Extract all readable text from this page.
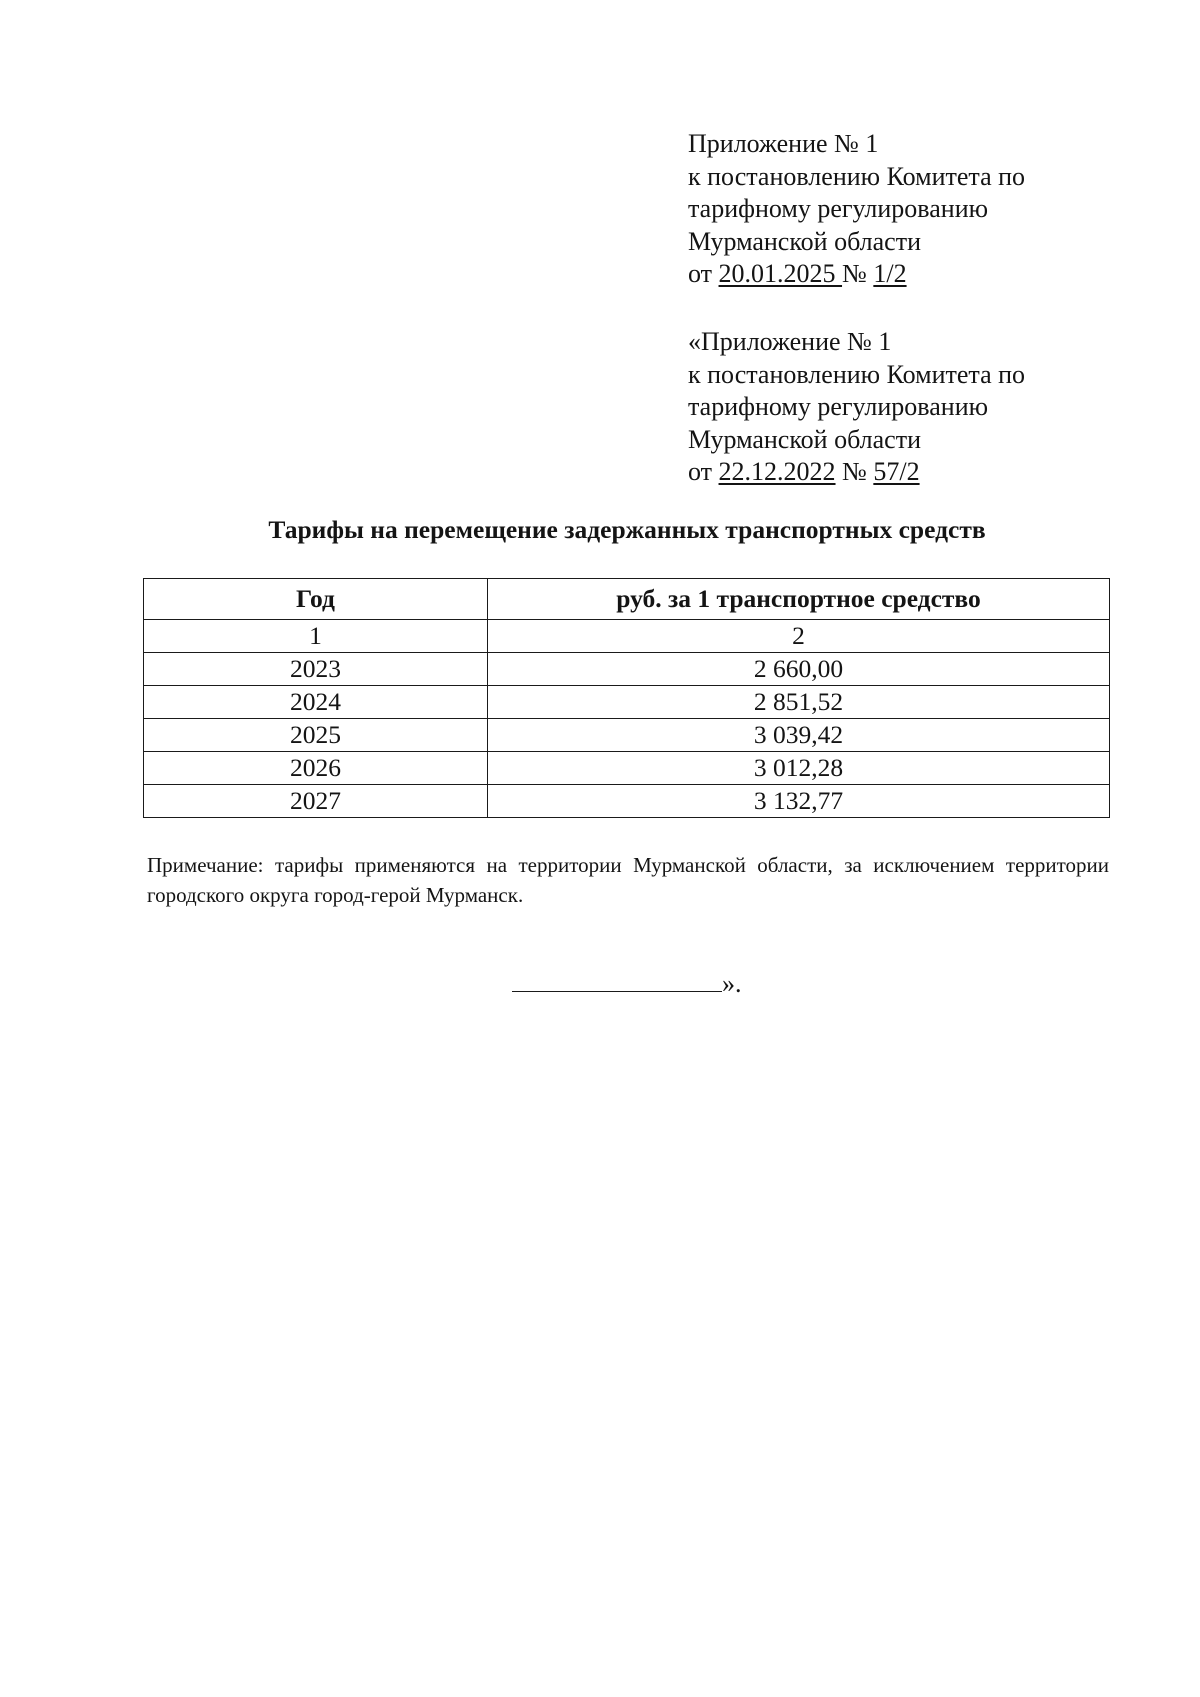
Приложение № 1
к постановлению Комитета по
тарифному регулированию
Мурманской области
от 20.01.2025 № 1/2
«Приложение № 1
к постановлению Комитета по
тарифному регулированию
Мурманской области
от 22.12.2022 № 57/2
Тарифы на перемещение задержанных транспортных средств
Год	руб. за 1 транспортное средство
1	2
2023	2 660,00
2024	2 851,52
2025	3 039,42
2026	3 012,28
2027	3 132,77
Примечание: тарифы применяются на территории Мурманской области, за исключением территории городского округа город-герой Мурманск.
».
